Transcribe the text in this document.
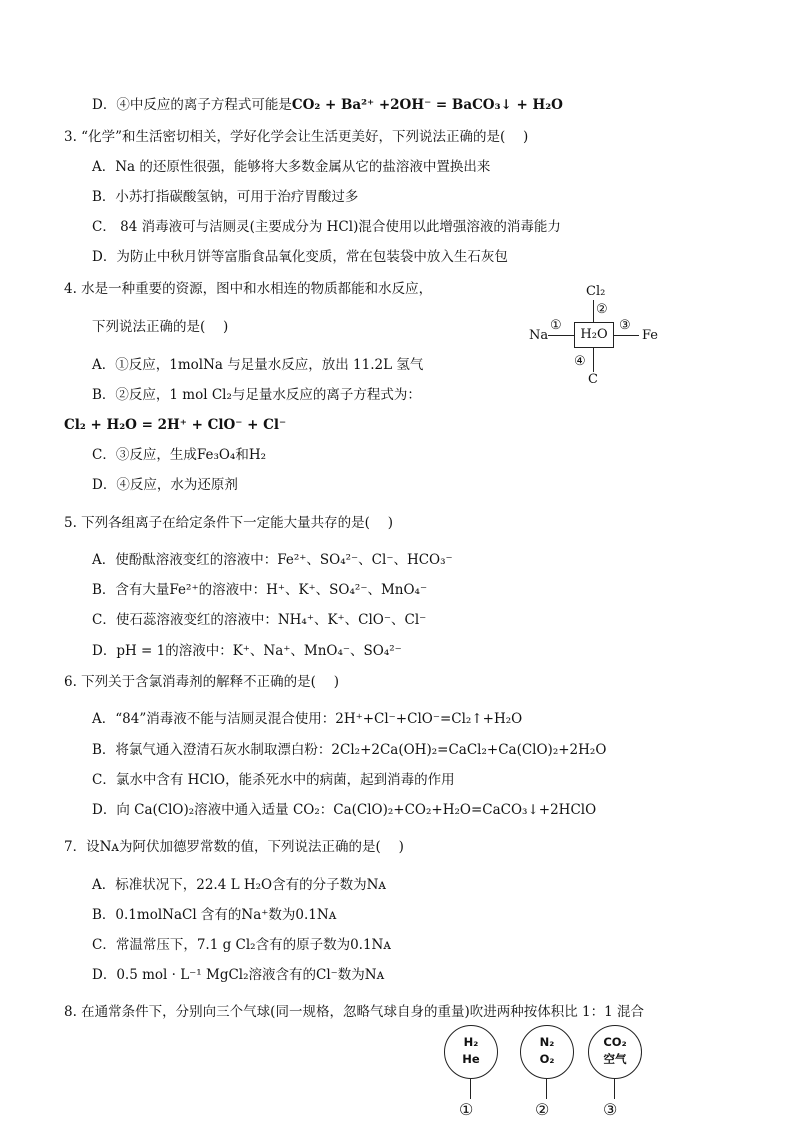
D．④中反应的离子方程式可能是CO₂ + Ba²⁺ +2OH⁻ = BaCO₃↓ + H₂O
3. “化学”和生活密切相关，学好化学会让生活更美好，下列说法正确的是(　 )
A．Na 的还原性很强，能够将大多数金属从它的盐溶液中置换出来
B．小苏打指碳酸氢钠，可用于治疗胃酸过多
C． 84 消毒液可与洁厕灵(主要成分为 HCl)混合使用以此增强溶液的消毒能力
D．为防止中秋月饼等富脂食品氧化变质，常在包装袋中放入生石灰包
4. 水是一种重要的资源，图中和水相连的物质都能和水反应，
下列说法正确的是(　 )
A．①反应，1molNa 与足量水反应，放出 11.2L 氢气
B．②反应，1 mol Cl₂与足量水反应的离子方程式为：
Cl₂ + H₂O = 2H⁺ + ClO⁻ + Cl⁻
C．③反应，生成Fe₃O₄和H₂
D．④反应，水为还原剂
Cl₂
②
Na
①
H₂O
③
Fe
④
C
5. 下列各组离子在给定条件下一定能大量共存的是(　 )
A．使酚酞溶液变红的溶液中：Fe²⁺、SO₄²⁻、Cl⁻、HCO₃⁻
B．含有大量Fe²⁺的溶液中：H⁺、K⁺、SO₄²⁻、MnO₄⁻
C．使石蕊溶液变红的溶液中：NH₄⁺、K⁺、ClO⁻、Cl⁻
D．pH = 1的溶液中：K⁺、Na⁺、MnO₄⁻、SO₄²⁻
6. 下列关于含氯消毒剂的解释不正确的是(　 )
A．“84”消毒液不能与洁厕灵混合使用：2H⁺+Cl⁻+ClO⁻=Cl₂↑+H₂O
B．将氯气通入澄清石灰水制取漂白粉：2Cl₂+2Ca(OH)₂=CaCl₂+Ca(ClO)₂+2H₂O
C．氯水中含有 HClO，能杀死水中的病菌，起到消毒的作用
D．向 Ca(ClO)₂溶液中通入适量 CO₂：Ca(ClO)₂+CO₂+H₂O=CaCO₃↓+2HClO
7．设Nᴀ为阿伏加德罗常数的值，下列说法正确的是(　 )
A．标准状况下，22.4 L H₂O含有的分子数为Nᴀ
B．0.1molNaCl 含有的Na⁺数为0.1Nᴀ
C．常温常压下，7.1 g Cl₂含有的原子数为0.1Nᴀ
D．0.5 mol · L⁻¹ MgCl₂溶液含有的Cl⁻数为Nᴀ
8. 在通常条件下，分别向三个气球(同一规格，忽略气球自身的重量)吹进两种按体积比 1：1 混合
H₂
He
①
N₂
O₂
②
CO₂
空气
③
